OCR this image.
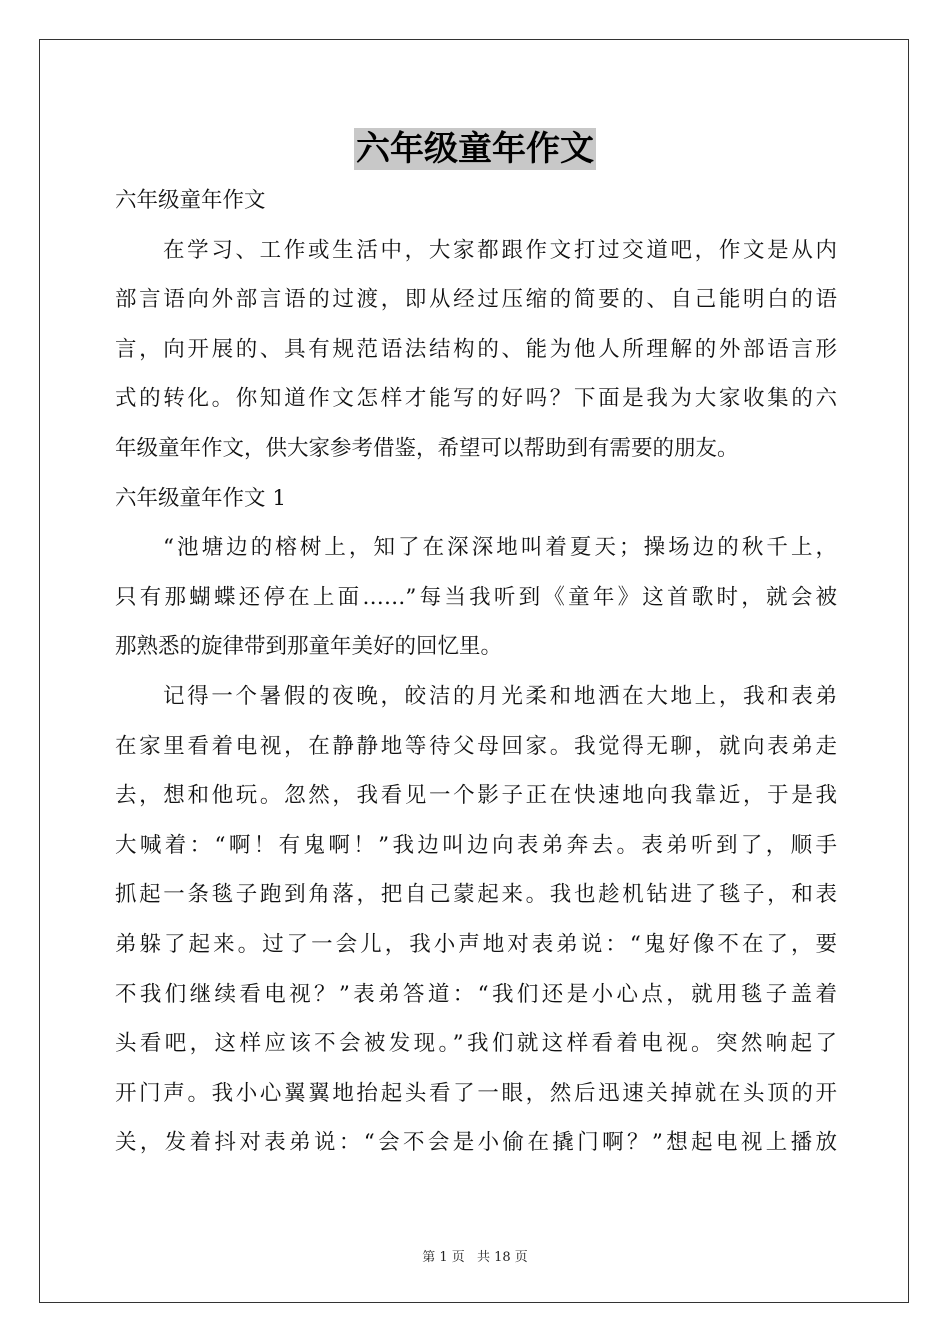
六年级童年作文
六年级童年作文
在学习、工作或生活中，大家都跟作文打过交道吧，作文是从内
部言语向外部言语的过渡，即从经过压缩的简要的、自己能明白的语
言，向开展的、具有规范语法结构的、能为他人所理解的外部语言形
式的转化。你知道作文怎样才能写的好吗？下面是我为大家收集的六
年级童年作文，供大家参考借鉴，希望可以帮助到有需要的朋友。
六年级童年作文 1
“池塘边的榕树上，知了在深深地叫着夏天；操场边的秋千上，
只有那蝴蝶还停在上面……”每当我听到《童年》这首歌时，就会被
那熟悉的旋律带到那童年美好的回忆里。
记得一个暑假的夜晚，皎洁的月光柔和地洒在大地上，我和表弟
在家里看着电视，在静静地等待父母回家。我觉得无聊，就向表弟走
去，想和他玩。忽然，我看见一个影子正在快速地向我靠近，于是我
大喊着：“啊！有鬼啊！”我边叫边向表弟奔去。表弟听到了，顺手
抓起一条毯子跑到角落，把自己蒙起来。我也趁机钻进了毯子，和表
弟躲了起来。过了一会儿，我小声地对表弟说：“鬼好像不在了，要
不我们继续看电视？”表弟答道：“我们还是小心点，就用毯子盖着
头看吧，这样应该不会被发现。”我们就这样看着电视。突然响起了
开门声。我小心翼翼地抬起头看了一眼，然后迅速关掉就在头顶的开
关，发着抖对表弟说：“会不会是小偷在撬门啊？”想起电视上播放
第 1 页 共 18 页
